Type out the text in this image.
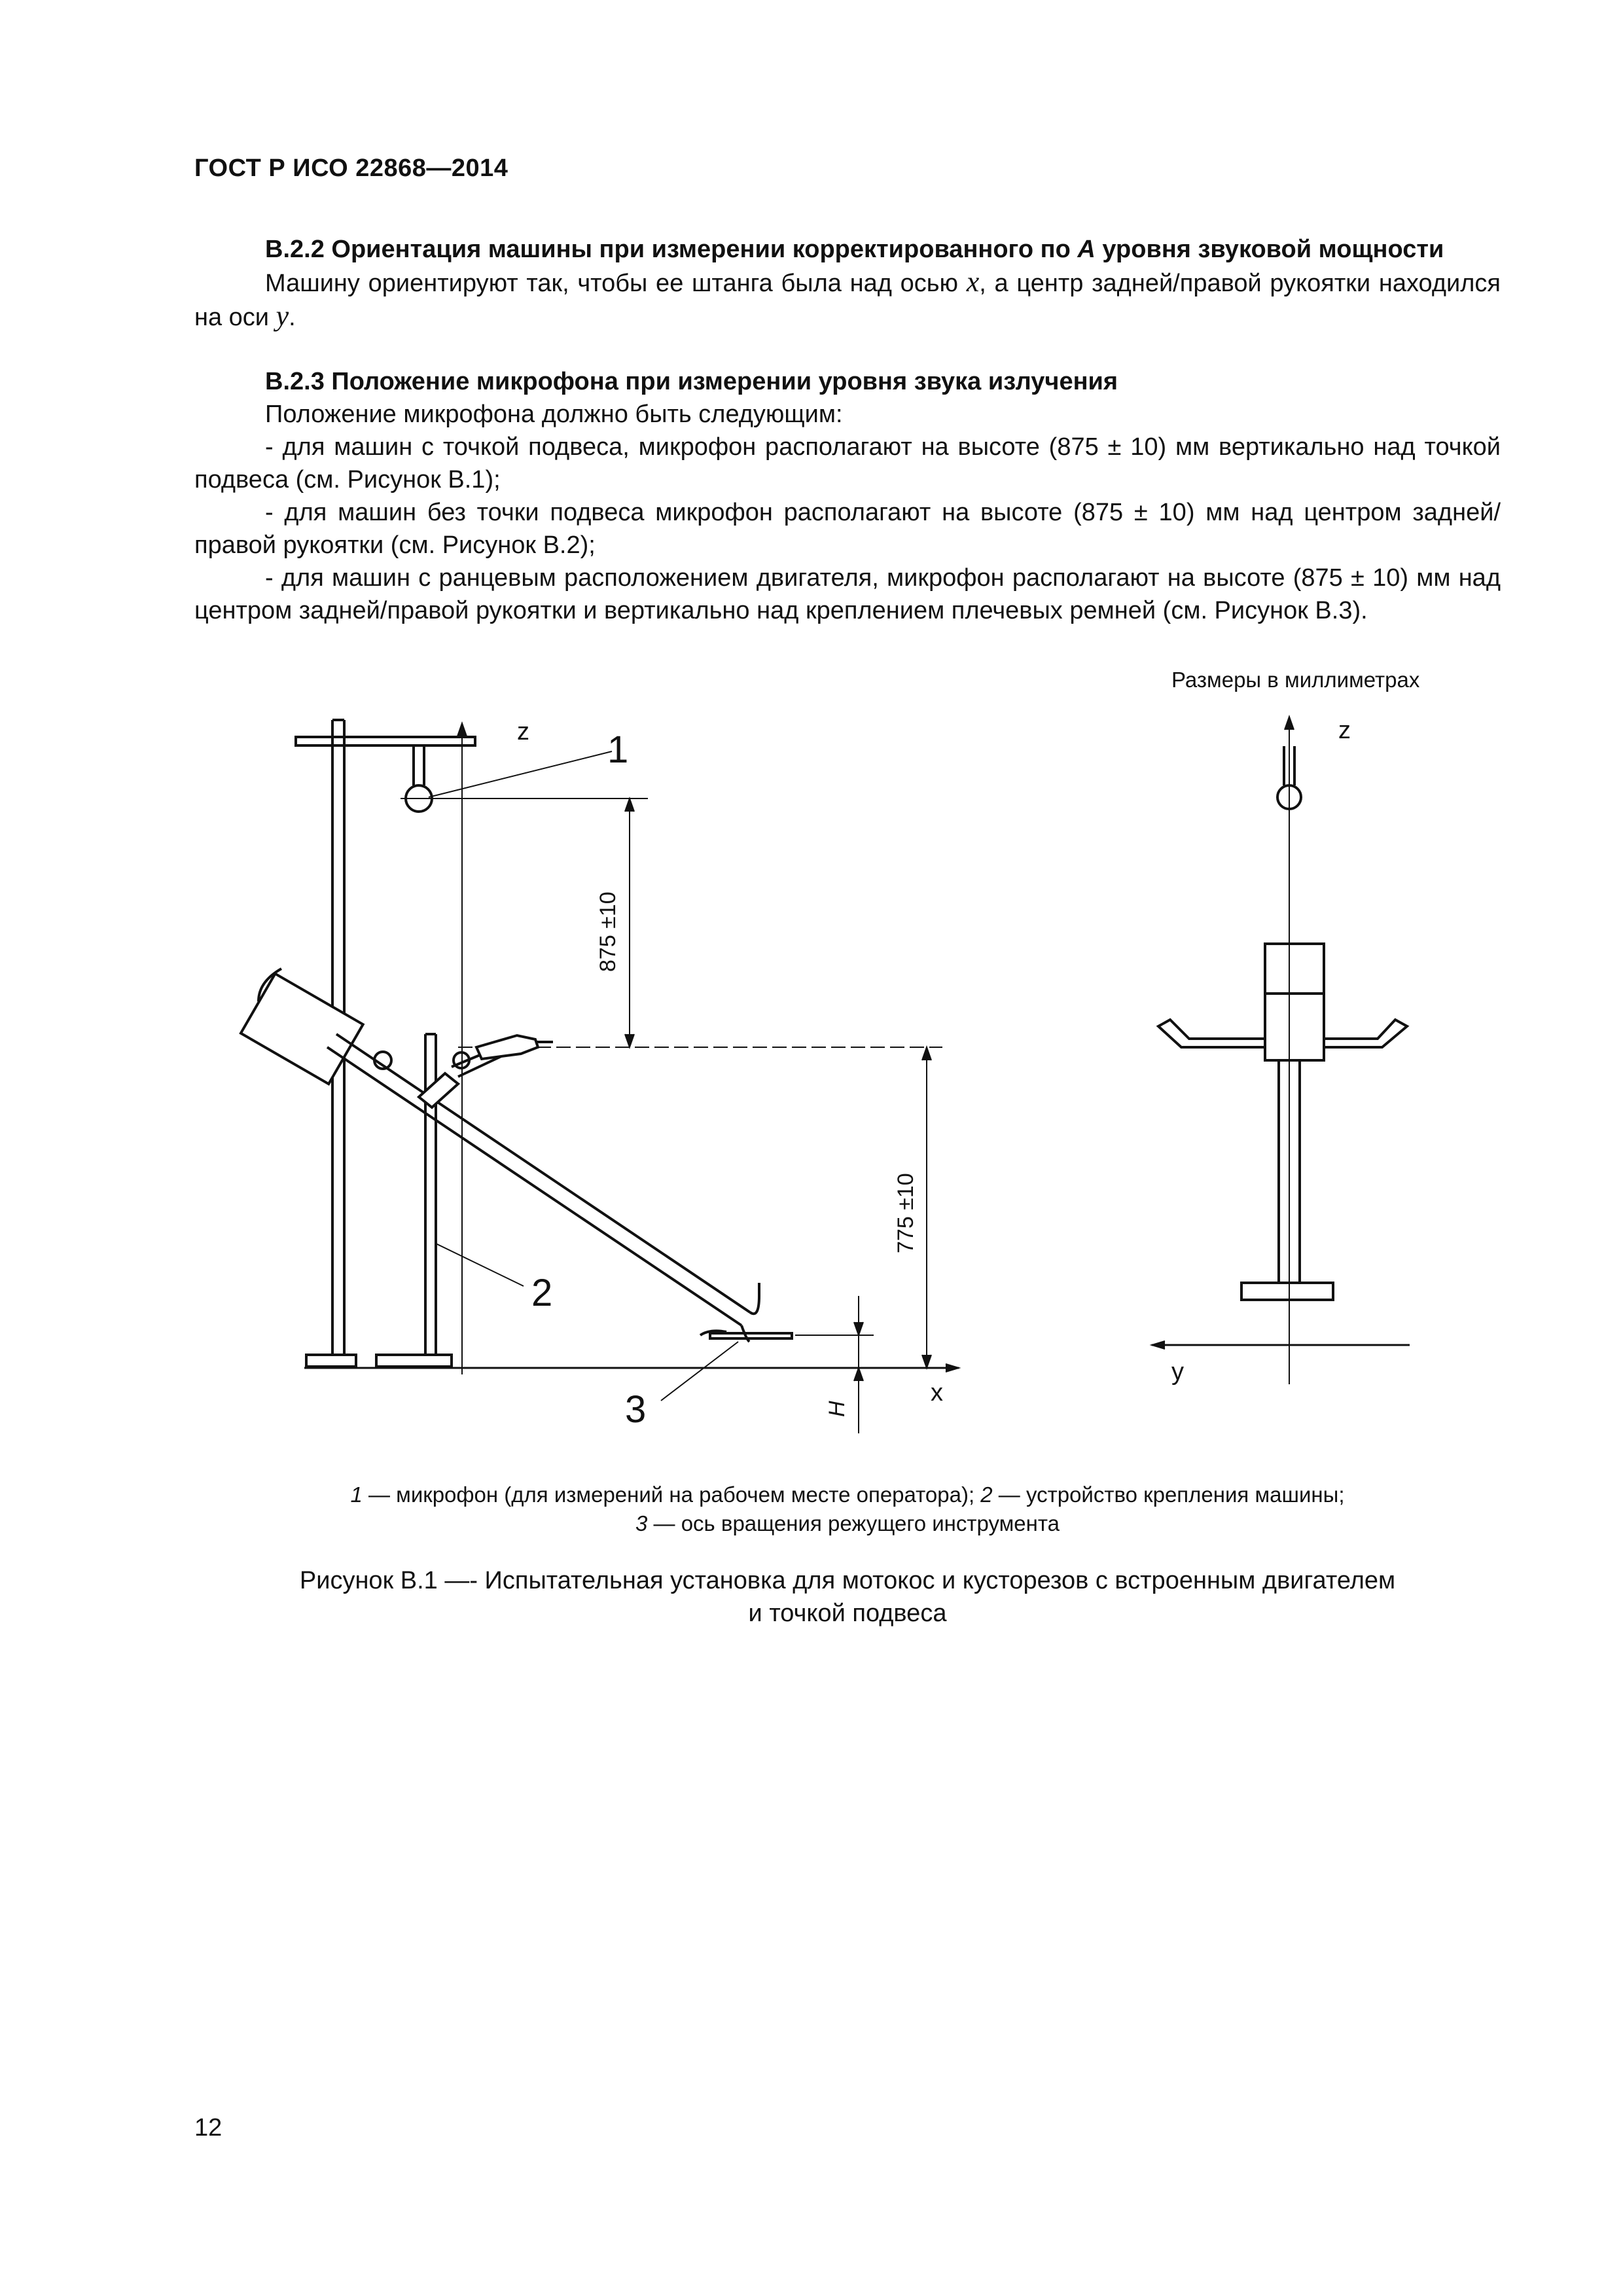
ГОСТ Р ИСО 22868—2014

В.2.2 Ориентация машины при измерении корректированного по А уровня звуковой мощности

Машину ориентируют так, чтобы ее штанга была над осью x, а центр задней/правой рукоятки находился на оси y.

В.2.3 Положение микрофона при измерении уровня звука излучения

Положение микрофона должно быть следующим:

- для машин с точкой подвеса, микрофон располагают на высоте (875 ± 10) мм вертикально над точкой подвеса (см. Рисунок В.1);

- для машин без точки подвеса микрофон располагают на высоте (875 ± 10) мм над центром задней/правой рукоятки (см. Рисунок В.2);

- для машин с ранцевым расположением двигателя, микрофон располагают на высоте (875 ± 10) мм над центром задней/правой рукоятки и вертикально над креплением плечевых ремней (см. Рисунок В.3).

Размеры в миллиметрах
z	z
x
y
1
2
3
875 ±10
775 ±10
H
1 — микрофон (для измерений на рабочем месте оператора); 2 — устройство крепления машины;
3 — ось вращения режущего инструмента
Рисунок В.1 —- Испытательная установка для мотокос и кусторезов с встроенным двигателем
и точкой подвеса
12
